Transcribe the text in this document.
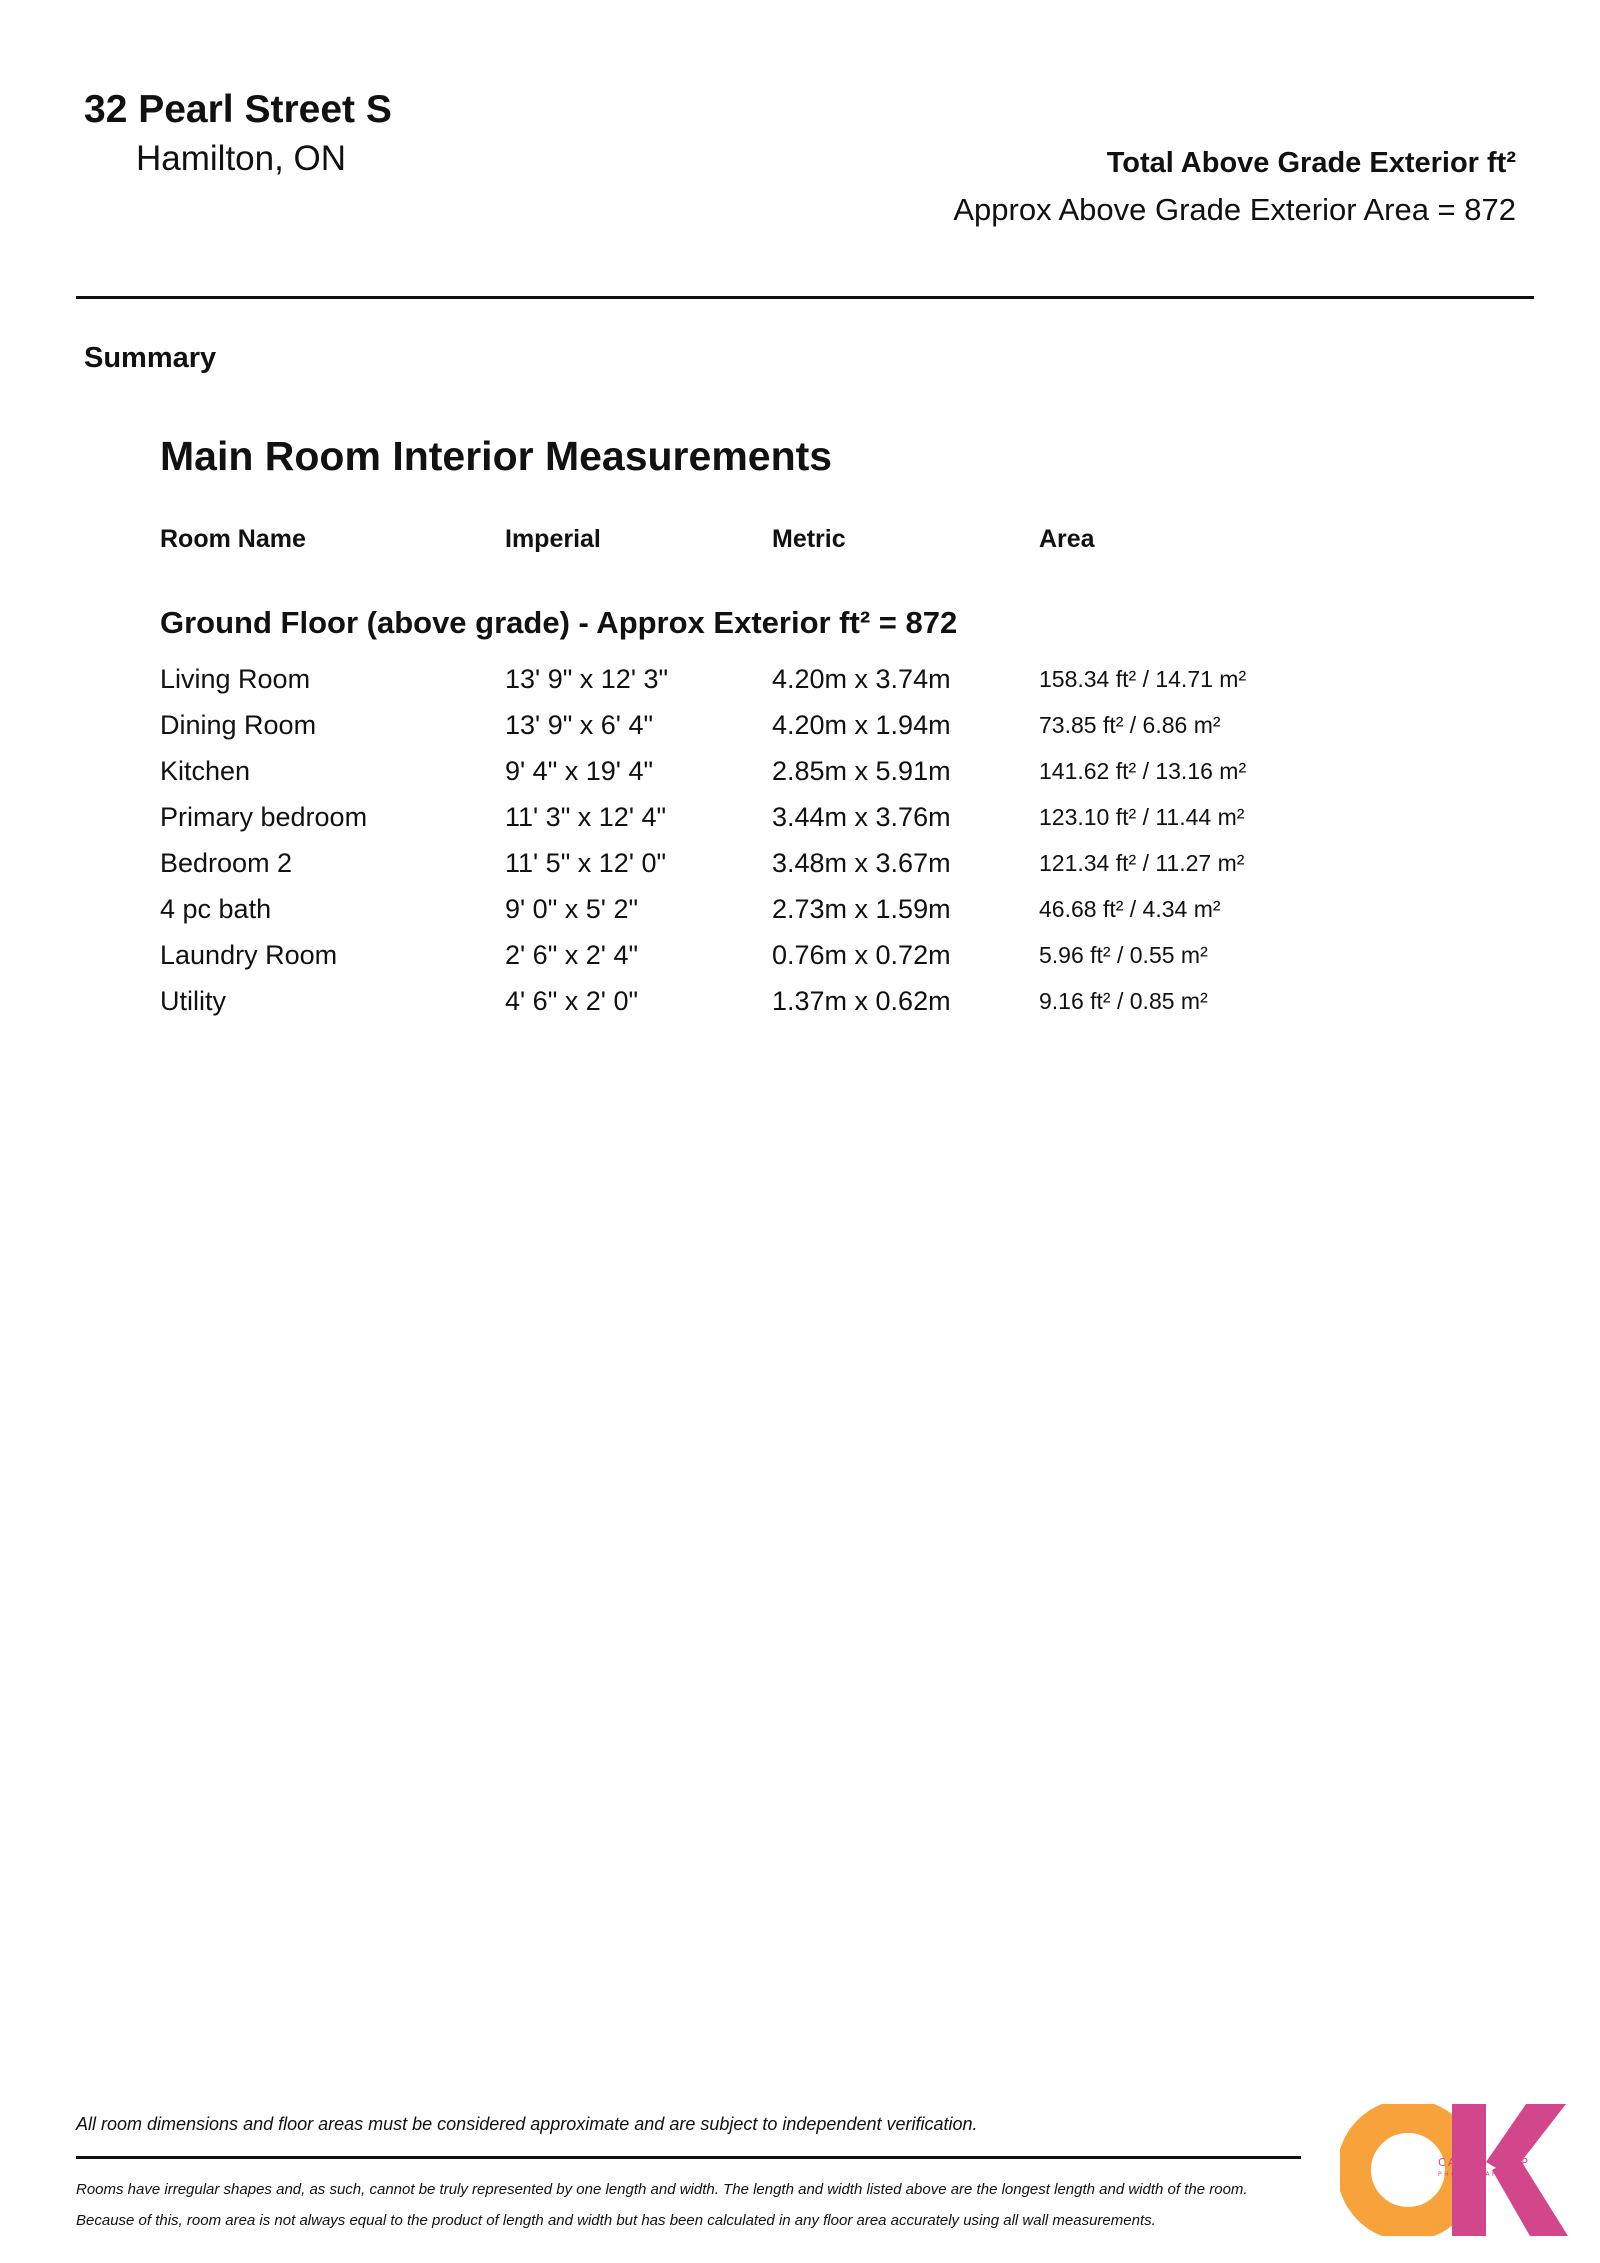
32 Pearl Street S
Hamilton, ON	Total Above Grade Exterior ft²
Approx Above Grade Exterior Area = 872
Summary
Main Room Interior Measurements
Room Name	Imperial	Metric	Area
Ground Floor (above grade) - Approx Exterior ft² = 872
Living Room	13' 9" x 12' 3"	4.20m x 3.74m	158.34 ft² / 14.71 m²
Dining Room	13' 9" x 6' 4"	4.20m x 1.94m	73.85 ft² / 6.86 m²
Kitchen	9' 4" x 19' 4"	2.85m x 5.91m	141.62 ft² / 13.16 m²
Primary bedroom	11' 3" x 12' 4"	3.44m x 3.76m	123.10 ft² / 11.44 m²
Bedroom 2	11' 5" x 12' 0"	3.48m x 3.67m	121.34 ft² / 11.27 m²
4 pc bath	9' 0" x 5' 2"	2.73m x 1.59m	46.68 ft² / 4.34 m²
Laundry Room	2' 6" x 2' 4"	0.76m x 0.72m	5.96 ft² / 0.55 m²
Utility	4' 6" x 2' 0"	1.37m x 0.62m	9.16 ft² / 0.85 m²
All room dimensions and floor areas must be considered approximate and are subject to independent verification.
Rooms have irregular shapes and, as such, cannot be truly represented by one length and width. The length and width listed above are the longest length and width of the room.
Because of this, room area is not always equal to the product of length and width but has been calculated in any floor area accurately using all wall measurements.
CATHY KOOP
PHOTOGRAPHY
